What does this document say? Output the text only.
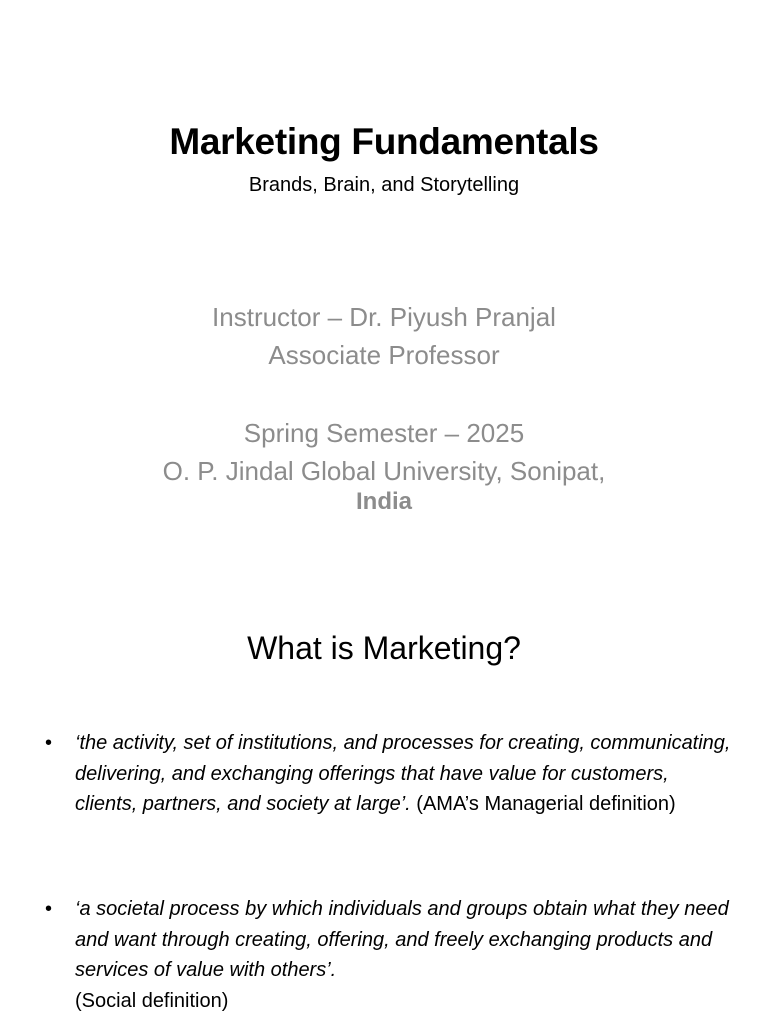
Marketing Fundamentals
Brands, Brain, and Storytelling
Instructor – Dr. Piyush Pranjal
Associate Professor
Spring Semester – 2025
O. P. Jindal Global University, Sonipat,
India
What is Marketing?
•	‘the activity, set of institutions, and processes for creating, communicating, delivering, and exchanging offerings that have value for customers, clients, partners, and society at large’. (AMA’s Managerial definition)
•	‘a societal process by which individuals and groups obtain what they need and want through creating, offering, and freely exchanging products and services of value with others’.
(Social definition)
